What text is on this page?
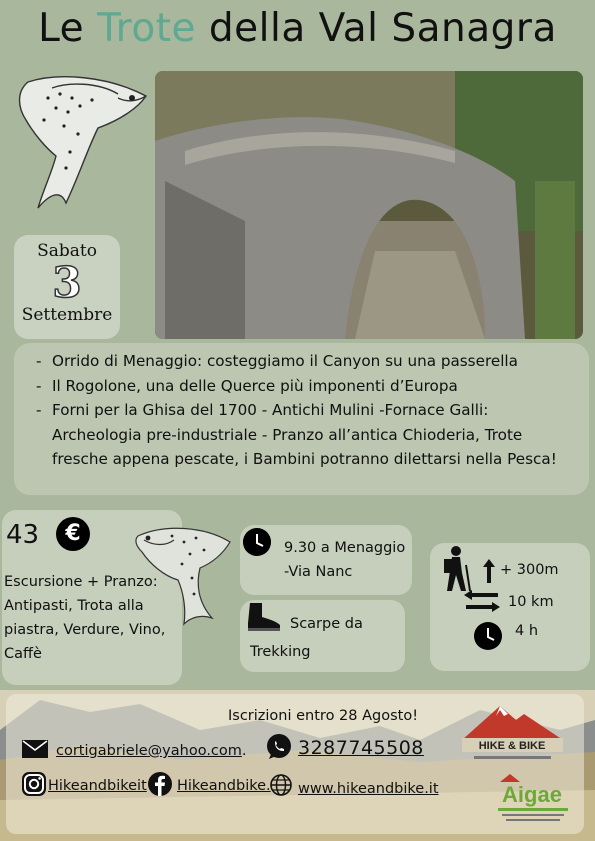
Le Trote della Val Sanagra
Sabato
3
Settembre
- Orrido di Menaggio: costeggiamo il Canyon su una passerella
- Il Rogolone, una delle Querce più imponenti d’Europa
- Forni per la Ghisa del 1700 - Antichi Mulini -Fornace Galli: Archeologia pre-industriale - Pranzo all’antica Chioderia, Trote fresche appena pescate, i Bambini potranno dilettarsi nella Pesca!
43	€
Escursione + Pranzo:
Antipasti, Trota alla
piastra, Verdure, Vino,
Caffè
9.30 a Menaggio
-Via Nanc
Scarpe da
Trekking
+ 300m
10 km
4 h
Iscrizioni entro 28 Agosto!
cortigabriele@yahoo.com.	3287745508
Hikeandbikeit Hikeandbike. www.hikeandbike.it
HIKE & BIKE
Aigae
